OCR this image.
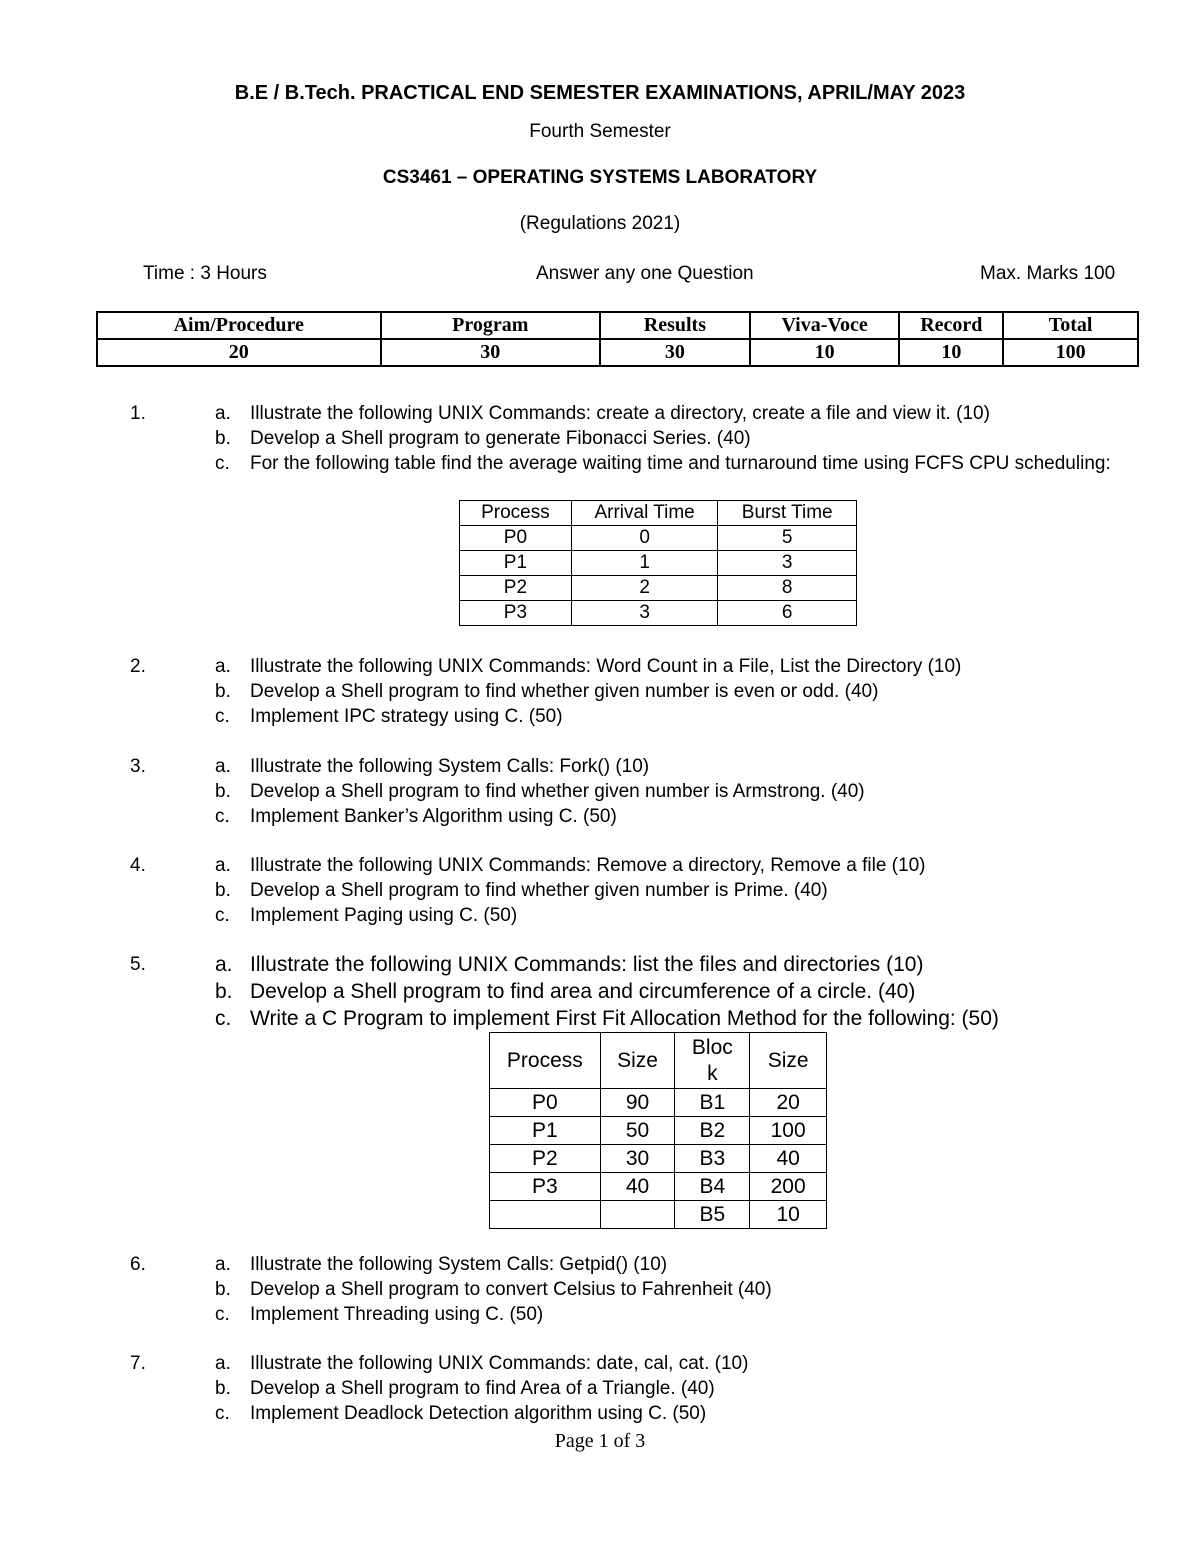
B.E / B.Tech. PRACTICAL END SEMESTER EXAMINATIONS, APRIL/MAY 2023
Fourth Semester
CS3461 – OPERATING SYSTEMS LABORATORY
(Regulations 2021)
Time : 3 Hours	Answer any one Question	Max. Marks 100
Aim/Procedure	Program	Results	Viva-Voce	Record	Total
20	30	30	10	10	100
1.	a. Illustrate the following UNIX Commands: create a directory, create a file and view it. (10)
b. Develop a Shell program to generate Fibonacci Series. (40)
c. For the following table find the average waiting time and turnaround time using FCFS CPU scheduling:
Process	Arrival Time	Burst Time
P0	0	5
P1	1	3
P2	2	8
P3	3	6
2.	a. Illustrate the following UNIX Commands: Word Count in a File, List the Directory (10)
b. Develop a Shell program to find whether given number is even or odd. (40)
c. Implement IPC strategy using C. (50)
3.	a. Illustrate the following System Calls: Fork() (10)
b. Develop a Shell program to find whether given number is Armstrong. (40)
c. Implement Banker’s Algorithm using C. (50)
4.	a. Illustrate the following UNIX Commands: Remove a directory, Remove a file (10)
b. Develop a Shell program to find whether given number is Prime. (40)
c. Implement Paging using C. (50)
5.	a. Illustrate the following UNIX Commands: list the files and directories (10)
b. Develop a Shell program to find area and circumference of a circle. (40)
c. Write a C Program to implement First Fit Allocation Method for the following: (50)
Process	Size	Bloc k	Size
P0	90	B1	20
P1	50	B2	100
P2	30	B3	40
P3	40	B4	200
		B5	10
6.	a. Illustrate the following System Calls: Getpid() (10)
b. Develop a Shell program to convert Celsius to Fahrenheit (40)
c. Implement Threading using C. (50)
7.	a. Illustrate the following UNIX Commands: date, cal, cat. (10)
b. Develop a Shell program to find Area of a Triangle. (40)
c. Implement Deadlock Detection algorithm using C. (50)
Page 1 of 3
